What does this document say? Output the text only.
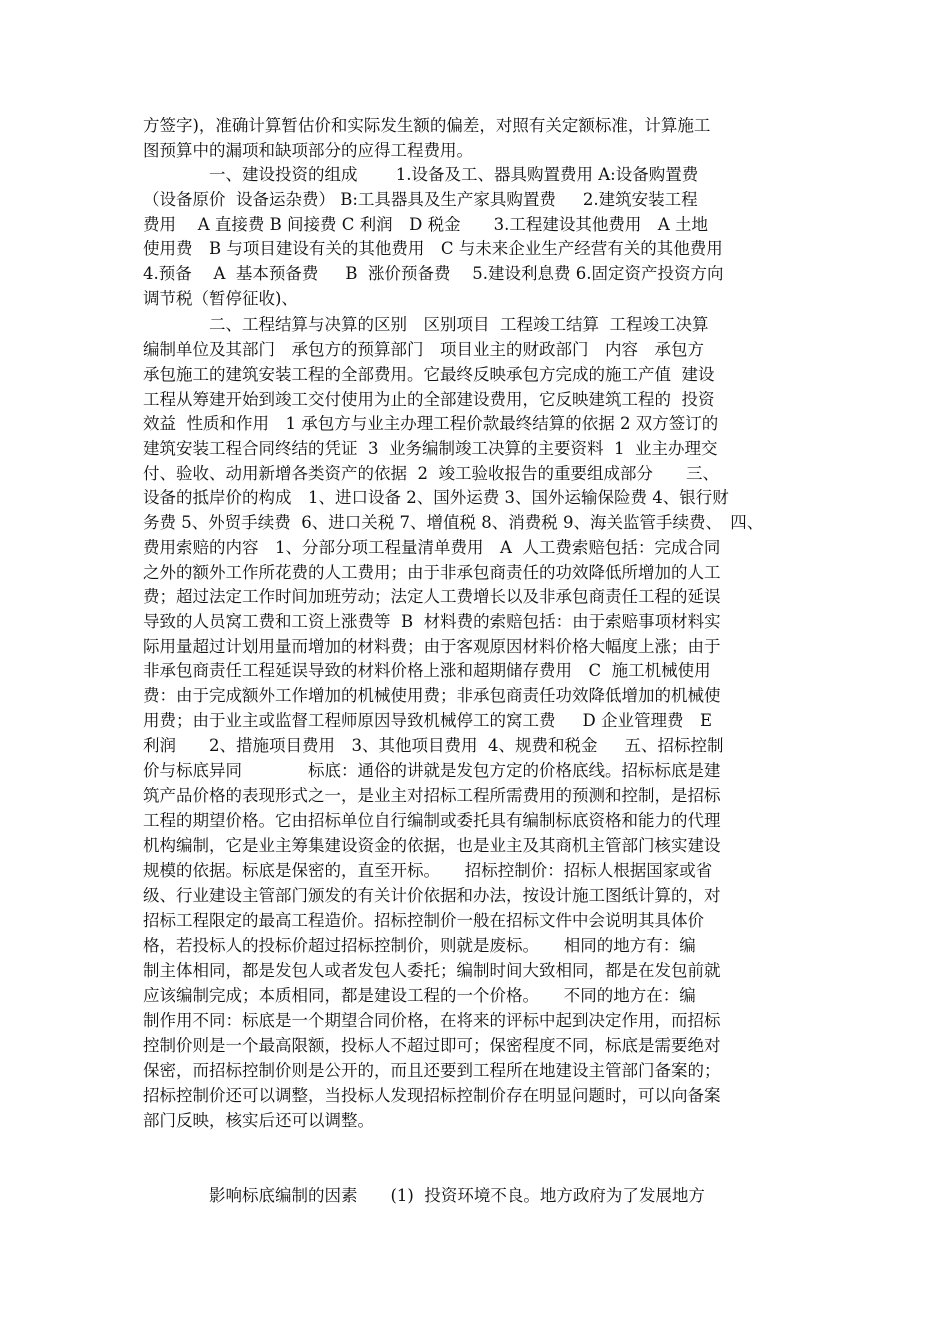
方签字)，准确计算暂估价和实际发生额的偏差，对照有关定额标准，计算施工
图预算中的漏项和缺项部分的应得工程费用。
　　　　一、建设投资的组成　　 1.设备及工、器具购置费用 A:设备购置费
（设备原价  设备运杂费） B:工具器具及生产家具购置费　  2.建筑安装工程
费用　 A 直接费 B 间接费 C 利润　D 税金　　3.工程建设其他费用　A 土地
使用费　B 与项目建设有关的其他费用　C 与未来企业生产经营有关的其他费用
4.预备　 A  基本预备费　  B  涨价预备费　 5.建设利息费 6.固定资产投资方向
调节税（暂停征收)、
　　　　二、工程结算与决算的区别　区别项目  工程竣工结算  工程竣工决算
编制单位及其部门　承包方的预算部门　项目业主的财政部门　内容　承包方
承包施工的建筑安装工程的全部费用。它最终反映承包方完成的施工产值  建设
工程从筹建开始到竣工交付使用为止的全部建设费用，它反映建筑工程的  投资
效益  性质和作用　1 承包方与业主办理工程价款最终结算的依据 2 双方签订的
建筑安装工程合同终结的凭证  3  业务编制竣工决算的主要资料  1  业主办理交
付、验收、动用新增各类资产的依据  2  竣工验收报告的重要组成部分　　三、
设备的抵岸价的构成　1、进口设备 2、国外运费 3、国外运输保险费 4、银行财
务费 5、外贸手续费  6、进口关税 7、增值税 8、消费税 9、海关监管手续费、　四、
费用索赔的内容　1、分部分项工程量清单费用　A  人工费索赔包括：完成合同
之外的额外工作所花费的人工费用；由于非承包商责任的功效降低所增加的人工
费；超过法定工作时间加班劳动；法定人工费增长以及非承包商责任工程的延误
导致的人员窝工费和工资上涨费等  B  材料费的索赔包括：由于索赔事项材料实
际用量超过计划用量而增加的材料费；由于客观原因材料价格大幅度上涨；由于
非承包商责任工程延误导致的材料价格上涨和超期储存费用　C  施工机械使用
费：由于完成额外工作增加的机械使用费；非承包商责任功效降低增加的机械使
用费；由于业主或监督工程师原因导致机械停工的窝工费　  D 企业管理费　E
利润　　2、措施项目费用　3、其他项目费用  4、规费和税金　  五、招标控制
价与标底异同　　　　标底：通俗的讲就是发包方定的价格底线。招标标底是建
筑产品价格的表现形式之一，是业主对招标工程所需费用的预测和控制，是招标
工程的期望价格。它由招标单位自行编制或委托具有编制标底资格和能力的代理
机构编制，它是业主筹集建设资金的依据，也是业主及其商机主管部门核实建设
规模的依据。标底是保密的，直至开标。　　招标控制价：招标人根据国家或省
级、行业建设主管部门颁发的有关计价依据和办法，按设计施工图纸计算的，对
招标工程限定的最高工程造价。招标控制价一般在招标文件中会说明其具体价
格，若投标人的投标价超过招标控制价，则就是废标。　　相同的地方有：编
制主体相同，都是发包人或者发包人委托；编制时间大致相同，都是在发包前就
应该编制完成；本质相同，都是建设工程的一个价格。　　不同的地方在：编
制作用不同：标底是一个期望合同价格，在将来的评标中起到决定作用，而招标
控制价则是一个最高限额，投标人不超过即可；保密程度不同，标底是需要绝对
保密，而招标控制价则是公开的，而且还要到工程所在地建设主管部门备案的；
招标控制价还可以调整，当投标人发现招标控制价存在明显问题时，可以向备案
部门反映，核实后还可以调整。
　　　　影响标底编制的因素　　(1)  投资环境不良。地方政府为了发展地方
